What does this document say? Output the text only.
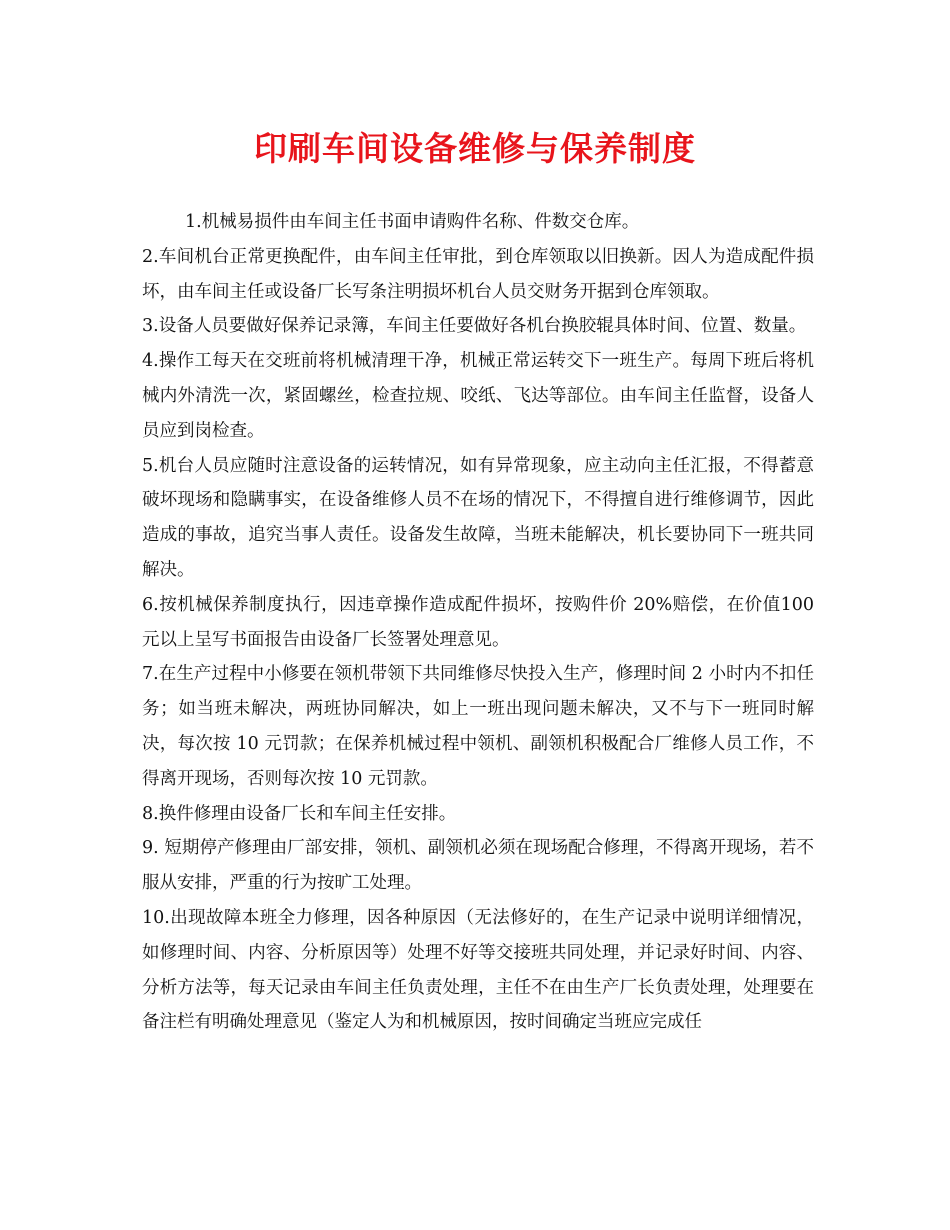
印刷车间设备维修与保养制度

1.机械易损件由车间主任书面申请购件名称、件数交仓库。

2.车间机台正常更换配件，由车间主任审批，到仓库领取以旧换新。因人为造成配件损坏，由车间主任或设备厂长写条注明损坏机台人员交财务开据到仓库领取。

3.设备人员要做好保养记录簿，车间主任要做好各机台换胶辊具体时间、位置、数量。

4.操作工每天在交班前将机械清理干净，机械正常运转交下一班生产。每周下班后将机械内外清洗一次，紧固螺丝，检查拉规、咬纸、飞达等部位。由车间主任监督，设备人员应到岗检查。

5.机台人员应随时注意设备的运转情况，如有异常现象，应主动向主任汇报，不得蓄意破坏现场和隐瞒事实，在设备维修人员不在场的情况下，不得擅自进行维修调节，因此造成的事故，追究当事人责任。设备发生故障，当班未能解决，机长要协同下一班共同解决。

6.按机械保养制度执行，因违章操作造成配件损坏，按购件价 20%赔偿，在价值100元以上呈写书面报告由设备厂长签署处理意见。

7.在生产过程中小修要在领机带领下共同维修尽快投入生产，修理时间 2 小时内不扣任务；如当班未解决，两班协同解决，如上一班出现问题未解决，又不与下一班同时解决，每次按 10 元罚款；在保养机械过程中领机、副领机积极配合厂维修人员工作，不得离开现场，否则每次按 10 元罚款。

8.换件修理由设备厂长和车间主任安排。

9. 短期停产修理由厂部安排，领机、副领机必须在现场配合修理，不得离开现场，若不服从安排，严重的行为按旷工处理。

10.出现故障本班全力修理，因各种原因（无法修好的，在生产记录中说明详细情况，如修理时间、内容、分析原因等）处理不好等交接班共同处理，并记录好时间、内容、分析方法等，每天记录由车间主任负责处理，主任不在由生产厂长负责处理，处理要在备注栏有明确处理意见（鉴定人为和机械原因，按时间确定当班应完成任
